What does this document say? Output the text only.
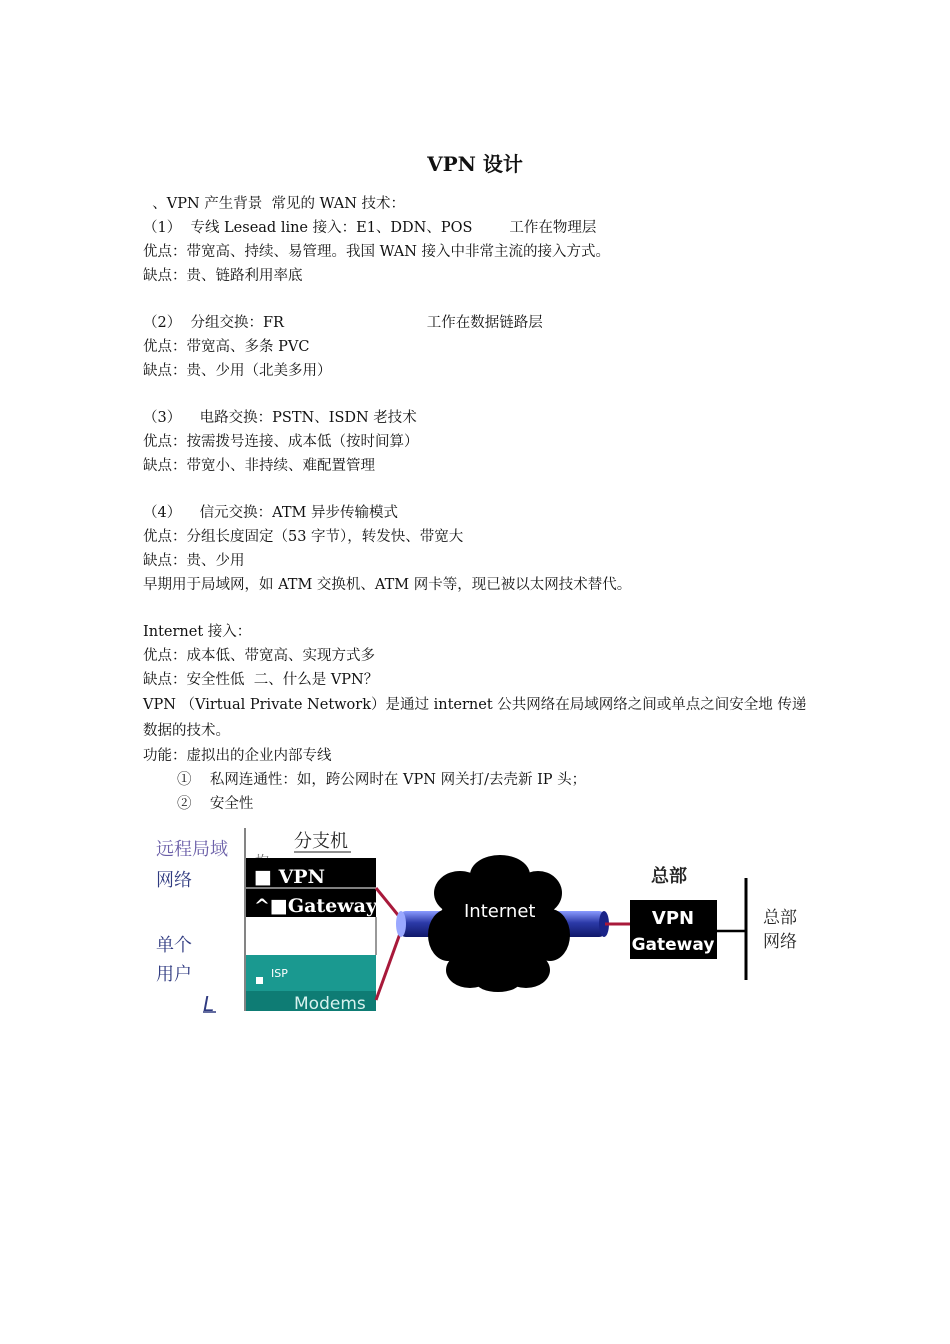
VPN 设计
、VPN 产生背景  常见的 WAN 技术：
（1）  专线 Lesead line 接入：E1、DDN、POS        工作在物理层
优点：带宽高、持续、易管理。我国 WAN 接入中非常主流的接入方式。
缺点：贵、链路利用率底
（2）  分组交换：FR                               工作在数据链路层
优点：带宽高、多条 PVC
缺点：贵、少用（北美多用）
（3）    电路交换：PSTN、ISDN 老技术
优点：按需拨号连接、成本低（按时间算）
缺点：带宽小、非持续、难配置管理
（4）    信元交换：ATM 异步传输模式
优点：分组长度固定（53 字节），转发快、带宽大
缺点：贵、少用
早期用于局域网，如 ATM 交换机、ATM 网卡等，现已被以太网技术替代。
Internet 接入：
优点：成本低、带宽高、实现方式多
缺点：安全性低  二、什么是 VPN？
VPN （Virtual Private Network）是通过 internet 公共网络在局域网络之间或单点之间安全地 传递数据的技术。
功能：虚拟出的企业内部专线
①    私网连通性：如，跨公网时在 VPN 网关打/去壳新 IP 头；
②    安全性
远程局域
网络
单个
用户
L
分支机
■ VPN
^■Gateway
ISP
Modems
Internet
总部
VPN
Gateway
总部
网络
